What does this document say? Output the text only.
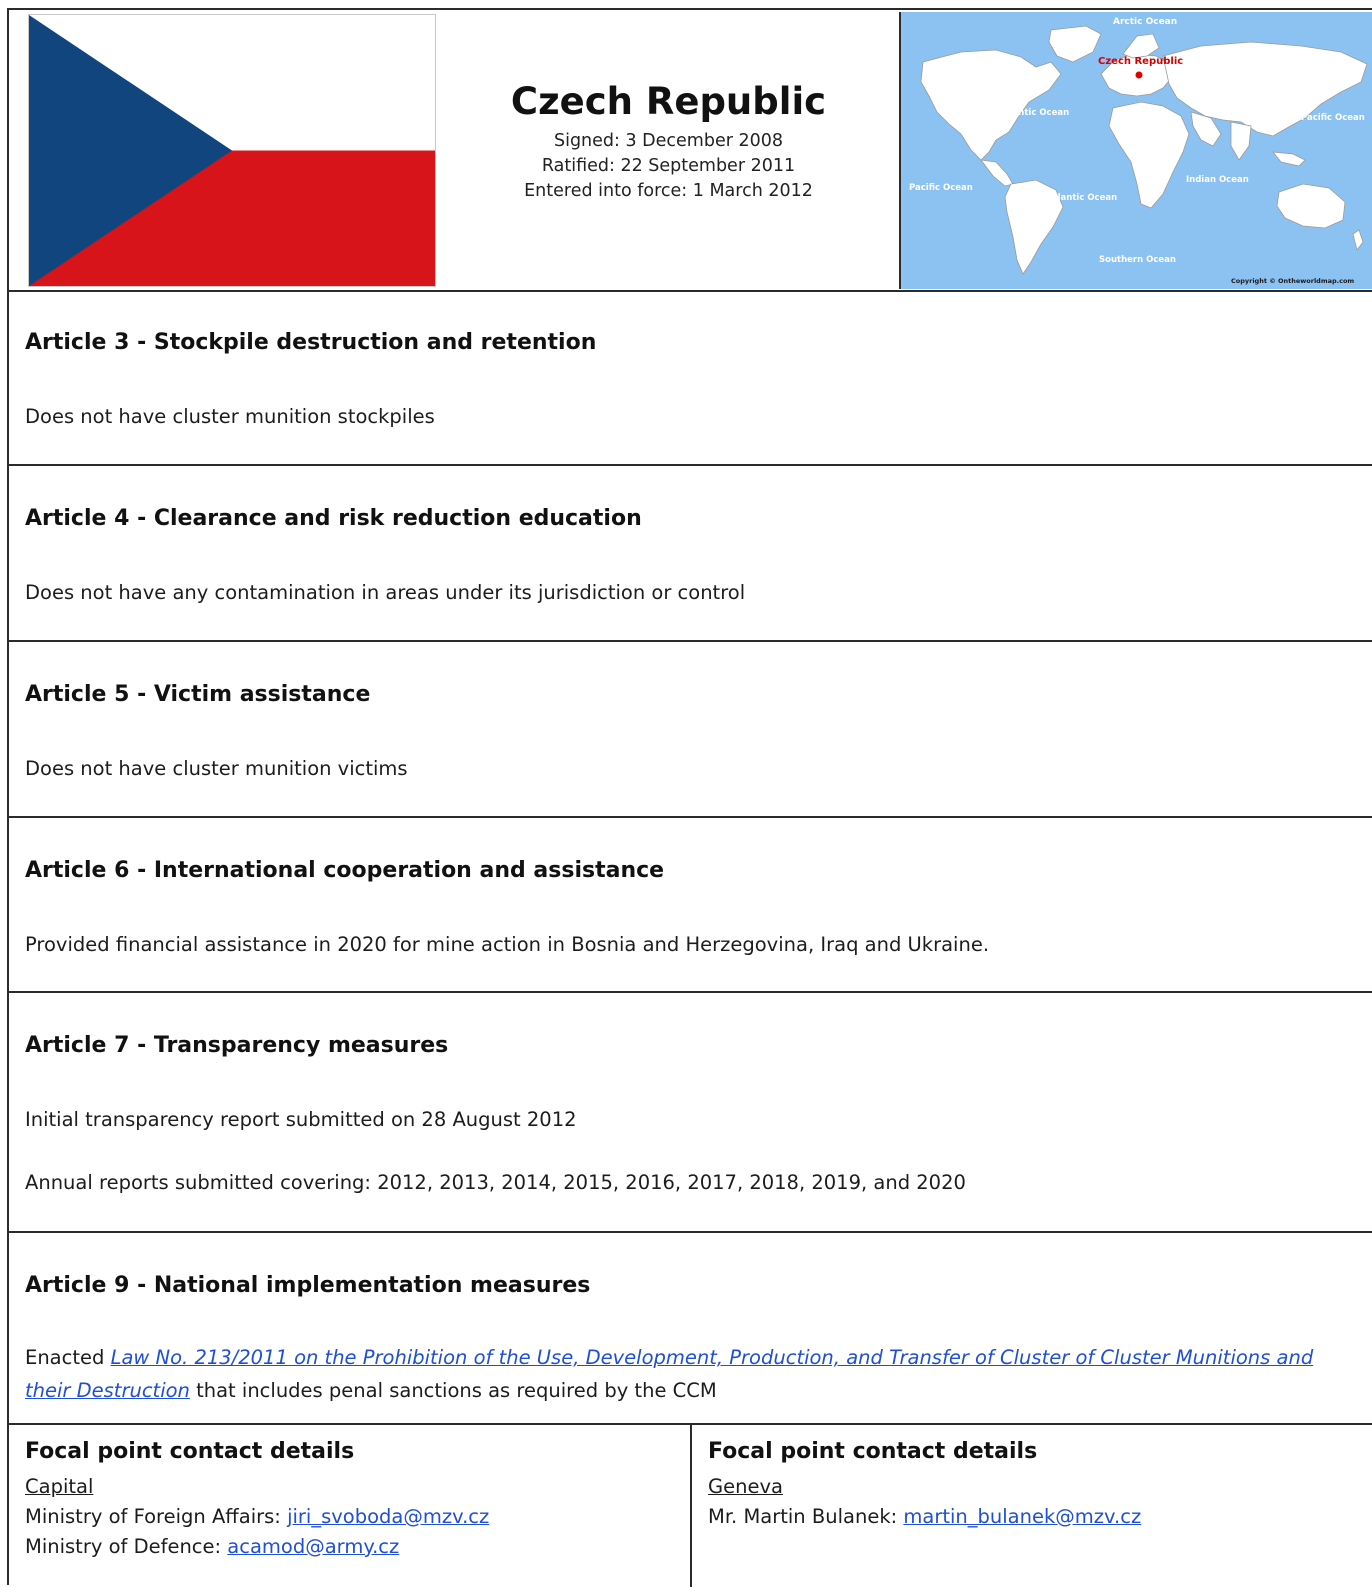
Czech Republic
Signed: 3 December 2008
Ratified: 22 September 2011
Entered into force: 1 March 2012
Arctic Ocean
Czech Republic
Atlantic Ocean	Pacific Ocean
Pacific Ocean
Indian Ocean
Atlantic Ocean
Southern Ocean
Copyright © Ontheworldmap.com
Article 3 - Stockpile destruction and retention
Does not have cluster munition stockpiles
Article 4 - Clearance and risk reduction education
Does not have any contamination in areas under its jurisdiction or control
Article 5 - Victim assistance
Does not have cluster munition victims
Article 6 - International cooperation and assistance
Provided financial assistance in 2020 for mine action in Bosnia and Herzegovina, Iraq and Ukraine.
Article 7 - Transparency measures
Initial transparency report submitted on 28 August 2012
Annual reports submitted covering: 2012, 2013, 2014, 2015, 2016, 2017, 2018, 2019, and 2020
Article 9 - National implementation measures
Enacted Law No. 213/2011 on the Prohibition of the Use, Development, Production, and Transfer of Cluster of Cluster Munitions and their Destruction that includes penal sanctions as required by the CCM
Focal point contact details
Capital
Ministry of Foreign Affairs: jiri_svoboda@mzv.cz
Ministry of Defence: acamod@army.cz
Focal point contact details
Geneva
Mr. Martin Bulanek: martin_bulanek@mzv.cz
